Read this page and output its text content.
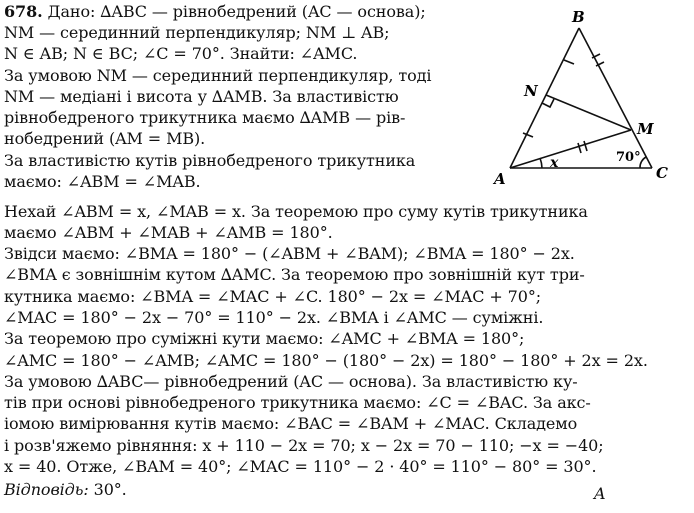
678. Дано: ∆ABC — рівнобедрений (AC — основа);
NM — серединний перпендикуляр; NM ⊥ AB;
N ∈ AB; N ∈ BC; ∠C = 70°. Знайти: ∠AMC.
За умовою NM — серединний перпендикуляр, тоді
NM — медіані і висота у ∆AMB. За властивістю
рівнобедреного трикутника маємо ∆AMB — рів-
нобедрений (AM = MB).
За властивістю кутів рівнобедреного трикутника
маємо: ∠ABM = ∠MAB.
Нехай ∠ABM = x, ∠MAB = x. За теоремою про суму кутів трикутника
маємо ∠ABM + ∠MAB + ∠AMB = 180°.
Звідси маємо: ∠BMA = 180° − (∠ABM + ∠BAM); ∠BMA = 180° − 2x.
∠BMA є зовнішнім кутом ∆AMC. За теоремою про зовнішній кут три-
кутника маємо: ∠BMA = ∠MAC + ∠C. 180° − 2x = ∠MAC + 70°;
∠MAC = 180° − 2x − 70° = 110° − 2x. ∠BMA і ∠AMC — суміжні.
За теоремою про суміжні кути маємо: ∠AMC + ∠BMA = 180°;
∠AMC = 180° − ∠AMB; ∠AMC = 180° − (180° − 2x) = 180° − 180° + 2x = 2x.
За умовою ∆ABC— рівнобедрений (AC — основа). За властивістю ку-
тів при основі рівнобедреного трикутника маємо: ∠C = ∠BAC. За акс-
іомою вимірювання кутів маємо: ∠BAC = ∠BAM + ∠MAC. Складемо
і розв'яжемо рівняння: x + 110 − 2x = 70; x − 2x = 70 − 110; −x = −40;
x = 40. Отже, ∠BAM = 40°; ∠MAC = 110° − 2 · 40° = 110° − 80° = 30°.
Відповідь: 30°.	A
B
N
M
A	C
70°
x
